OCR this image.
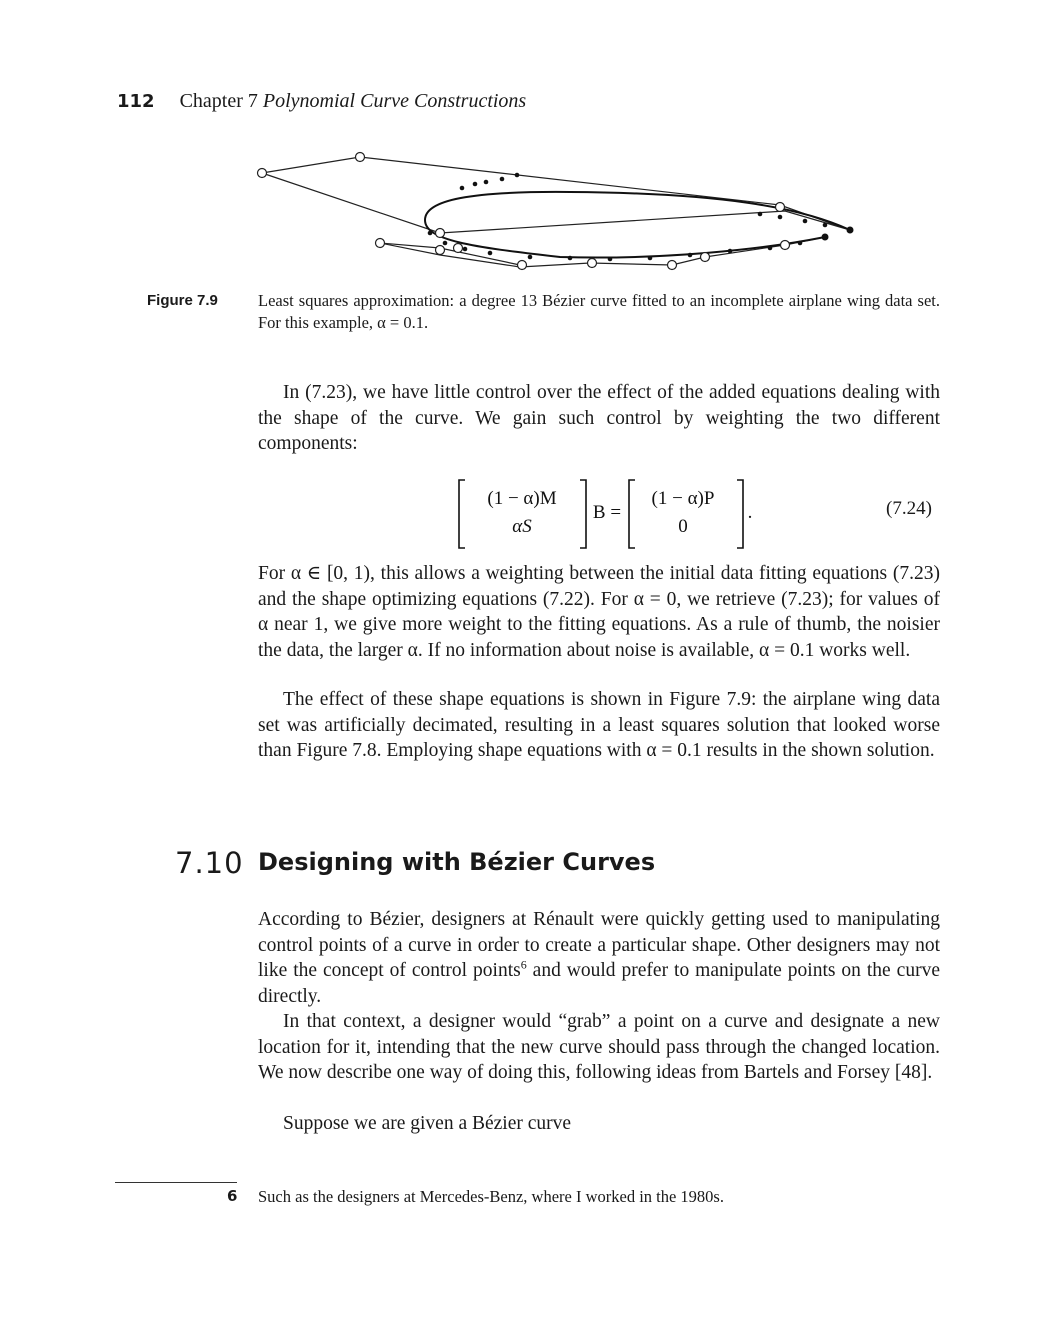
112 Chapter 7 Polynomial Curve Constructions
Figure 7.9 Least squares approximation: a degree 13 Bézier curve fitted to an incomplete airplane wing data set. For this example, α = 0.1.
In (7.23), we have little control over the effect of the added equations dealing with the shape of the curve. We gain such control by weighting the two different components:
(1 − α)M
αS
B =
(1 − α)P
0
.	(7.24)
For α ∈ [0, 1), this allows a weighting between the initial data fitting equations (7.23) and the shape optimizing equations (7.22). For α = 0, we retrieve (7.23); for values of α near 1, we give more weight to the fitting equations. As a rule of thumb, the noisier the data, the larger α. If no information about noise is available, α = 0.1 works well.
The effect of these shape equations is shown in Figure 7.9: the airplane wing data set was artificially decimated, resulting in a least squares solution that looked worse than Figure 7.8. Employing shape equations with α = 0.1 results in the shown solution.
7.10 Designing with Bézier Curves
According to Bézier, designers at Rénault were quickly getting used to manipulating control points of a curve in order to create a particular shape. Other designers may not like the concept of control points$^6$ and would prefer to manipulate points on the curve directly.
In that context, a designer would “grab” a point on a curve and designate a new location for it, intending that the new curve should pass through the changed location. We now describe one way of doing this, following ideas from Bartels and Forsey [48].
Suppose we are given a Bézier curve
6 Such as the designers at Mercedes-Benz, where I worked in the 1980s.
